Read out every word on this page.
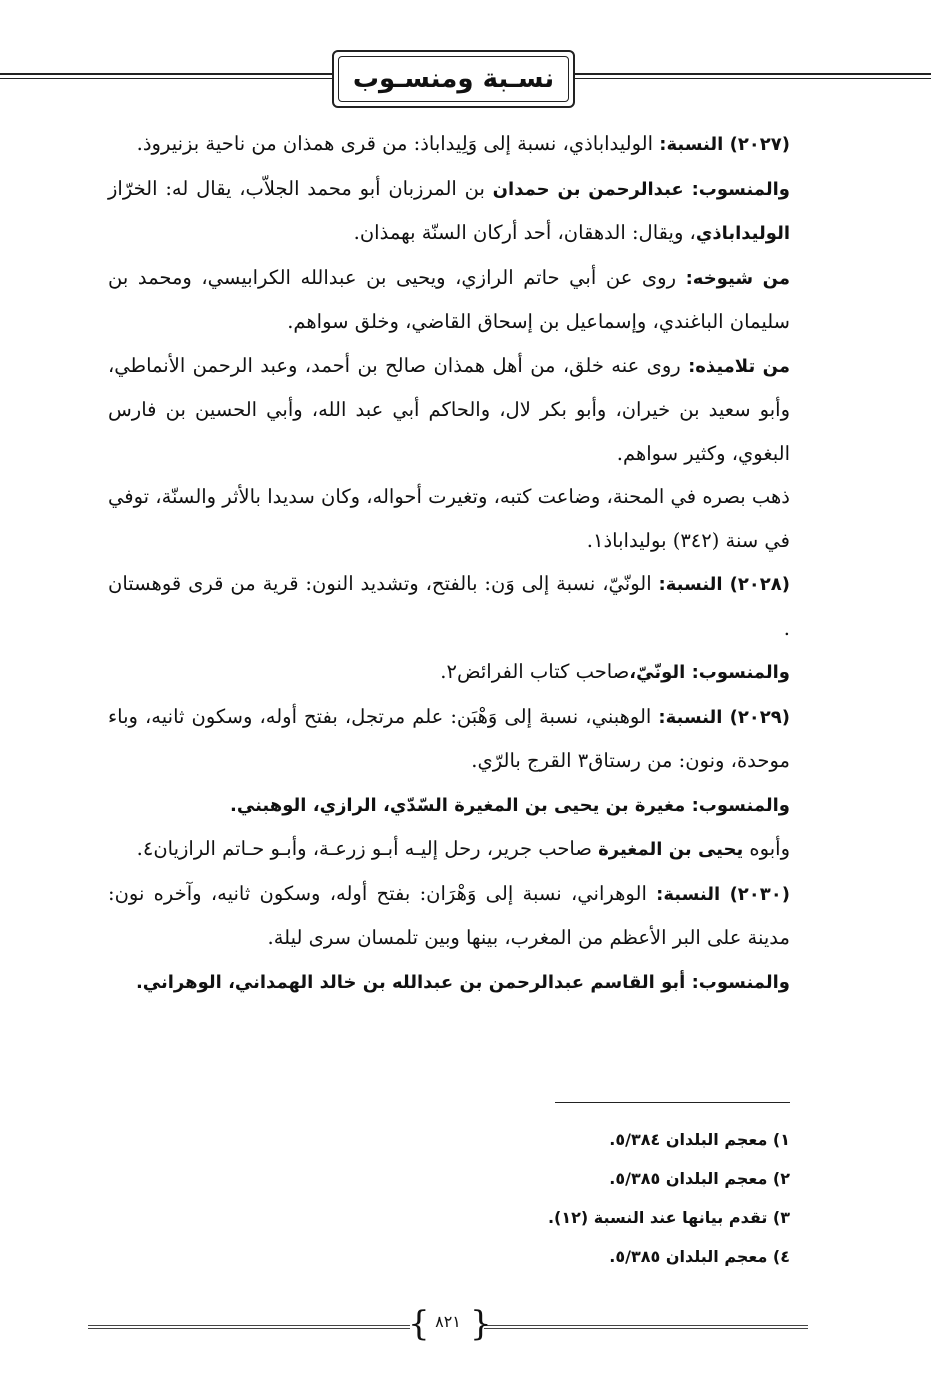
نسـبة ومنسـوب

(٢٠٢٧) النسبة: الوليداباذي، نسبة إلى وَلِيداباذ: من قرى همذان من ناحية بزنيروذ.

والمنسوب: عبدالرحمن بن حمدان بن المرزبان أبو محمد الجلاّب، يقال له: الخرّاز الوليداباذي، ويقال: الدهقان، أحد أركان السنّة بهمذان.

من شيوخه: روى عن أبي حاتم الرازي، ويحيى بن عبدالله الكرابيسي، ومحمد بن سليمان الباغندي، وإسماعيل بن إسحاق القاضي، وخلق سواهم.

من تلاميذه: روى عنه خلق، من أهل همذان صالح بن أحمد، وعبد الرحمن الأنماطي، وأبو سعيد بن خيران، وأبو بكر لال، والحاكم أبي عبد الله، وأبي الحسين بن فارس البغوي، وكثير سواهم.

ذهب بصره في المحنة، وضاعت كتبه، وتغيرت أحواله، وكان سديدا بالأثر والسنّة، توفي في سنة (٣٤٢) بوليداباذ١.

(٢٠٢٨) النسبة: الونّيّ، نسبة إلى وَن: بالفتح، وتشديد النون: قرية من قرى قوهستان .

والمنسوب: الونّيّ،صاحب كتاب الفرائض٢.

(٢٠٢٩) النسبة: الوهبني، نسبة إلى وَهْبَن: علم مرتجل، بفتح أوله، وسكون ثانيه، وباء موحدة، ونون: من رستاق٣ القرج بالرّي.

والمنسوب: مغيرة بن يحيى بن المغيرة السّدّي، الرازي، الوهبني.

وأبوه يحيى بن المغيرة صاحب جرير، رحل إليـه أبـو زرعـة، وأبـو حـاتم الرازيان٤.

(٢٠٣٠) النسبة: الوهراني، نسبة إلى وَهْرَان: بفتح أوله، وسكون ثانيه، وآخره نون: مدينة على البر الأعظم من المغرب، بينها وبين تلمسان سرى ليلة.

والمنسوب: أبو القاسم عبدالرحمن بن عبدالله بن خالد الهمداني، الوهراني.

١) معجم البلدان ٥/٣٨٤.

٢) معجم البلدان ٥/٣٨٥.

٣) تقدم بيانها عند النسبة (١٢).

٤) معجم البلدان ٥/٣٨٥.

{ }
٨٢١
